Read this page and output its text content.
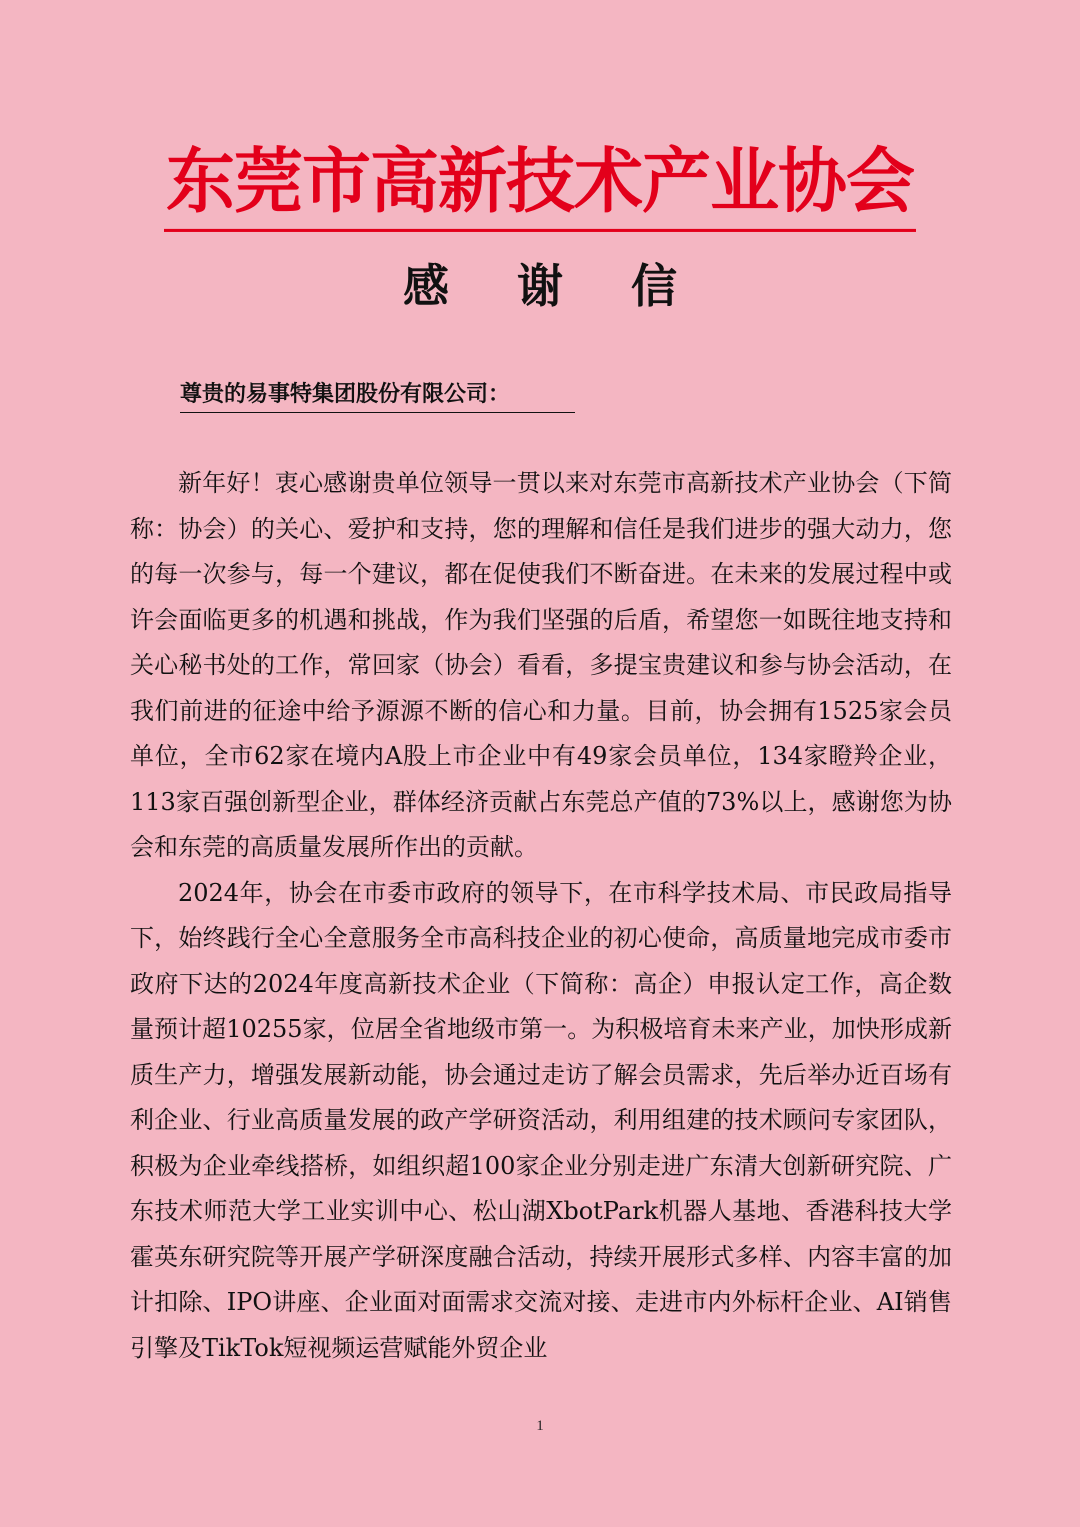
东莞市高新技术产业协会
感 谢 信
尊贵的易事特集团股份有限公司：

新年好！衷心感谢贵单位领导一贯以来对东莞市高新技术产业协会（下简称：协会）的关心、爱护和支持，您的理解和信任是我们进步的强大动力，您的每一次参与，每一个建议，都在促使我们不断奋进。在未来的发展过程中或许会面临更多的机遇和挑战，作为我们坚强的后盾，希望您一如既往地支持和关心秘书处的工作，常回家（协会）看看，多提宝贵建议和参与协会活动，在我们前进的征途中给予源源不断的信心和力量。目前，协会拥有1525家会员单位，全市62家在境内A股上市企业中有49家会员单位，134家瞪羚企业，113家百强创新型企业，群体经济贡献占东莞总产值的73%以上，感谢您为协会和东莞的高质量发展所作出的贡献。

2024年，协会在市委市政府的领导下，在市科学技术局、市民政局指导下，始终践行全心全意服务全市高科技企业的初心使命，高质量地完成市委市政府下达的2024年度高新技术企业（下简称：高企）申报认定工作，高企数量预计超10255家，位居全省地级市第一。为积极培育未来产业，加快形成新质生产力，增强发展新动能，协会通过走访了解会员需求，先后举办近百场有利企业、行业高质量发展的政产学研资活动，利用组建的技术顾问专家团队，积极为企业牵线搭桥，如组织超100家企业分别走进广东清大创新研究院、广东技术师范大学工业实训中心、松山湖XbotPark机器人基地、香港科技大学霍英东研究院等开展产学研深度融合活动，持续开展形式多样、内容丰富的加计扣除、IPO讲座、企业面对面需求交流对接、走进市内外标杆企业、AI销售引擎及TikTok短视频运营赋能外贸企业

1
